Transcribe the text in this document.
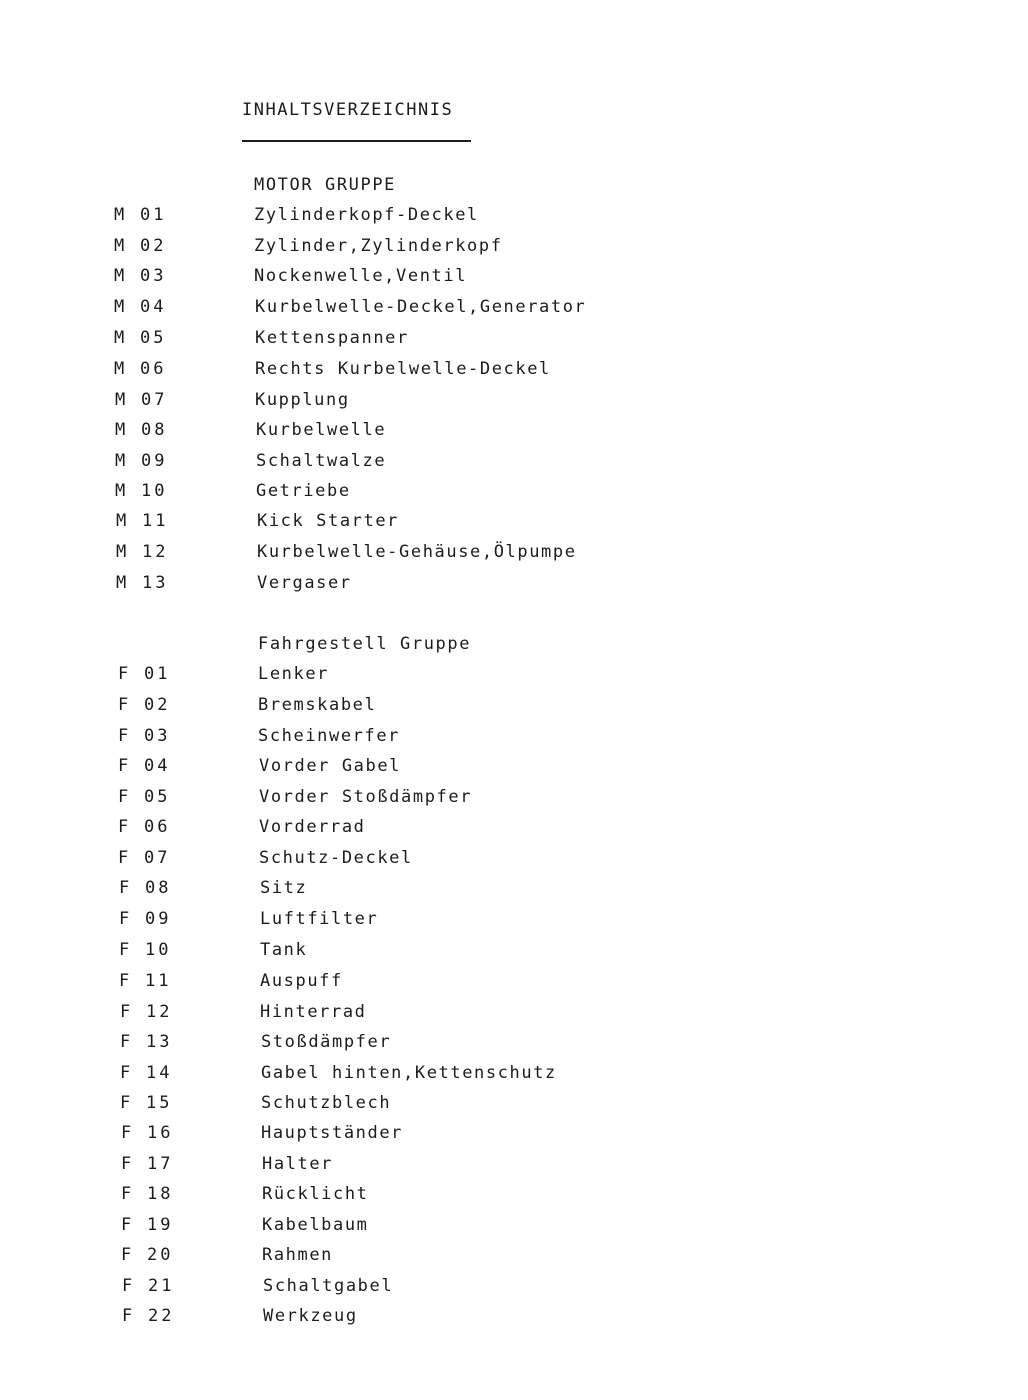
INHALTSVERZEICHNIS
MOTOR GRUPPE
M 01	Zylinderkopf-Deckel
M 02	Zylinder,Zylinderkopf
M 03	Nockenwelle,Ventil
M 04	Kurbelwelle-Deckel,Generator
M 05	Kettenspanner
M 06	Rechts Kurbelwelle-Deckel
M 07	Kupplung
M 08	Kurbelwelle
M 09	Schaltwalze
M 10	Getriebe
M 11	Kick Starter
M 12	Kurbelwelle-Gehäuse,Ölpumpe
M 13	Vergaser
Fahrgestell Gruppe
F 01	Lenker
F 02	Bremskabel
F 03	Scheinwerfer
F 04	Vorder Gabel
F 05	Vorder Stoßdämpfer
F 06	Vorderrad
F 07	Schutz-Deckel
F 08	Sitz
F 09	Luftfilter
F 10	Tank
F 11	Auspuff
F 12	Hinterrad
F 13	Stoßdämpfer
F 14	Gabel hinten,Kettenschutz
F 15	Schutzblech
F 16	Hauptständer
F 17	Halter
F 18	Rücklicht
F 19	Kabelbaum
F 20	Rahmen
F 21	Schaltgabel
F 22	Werkzeug
